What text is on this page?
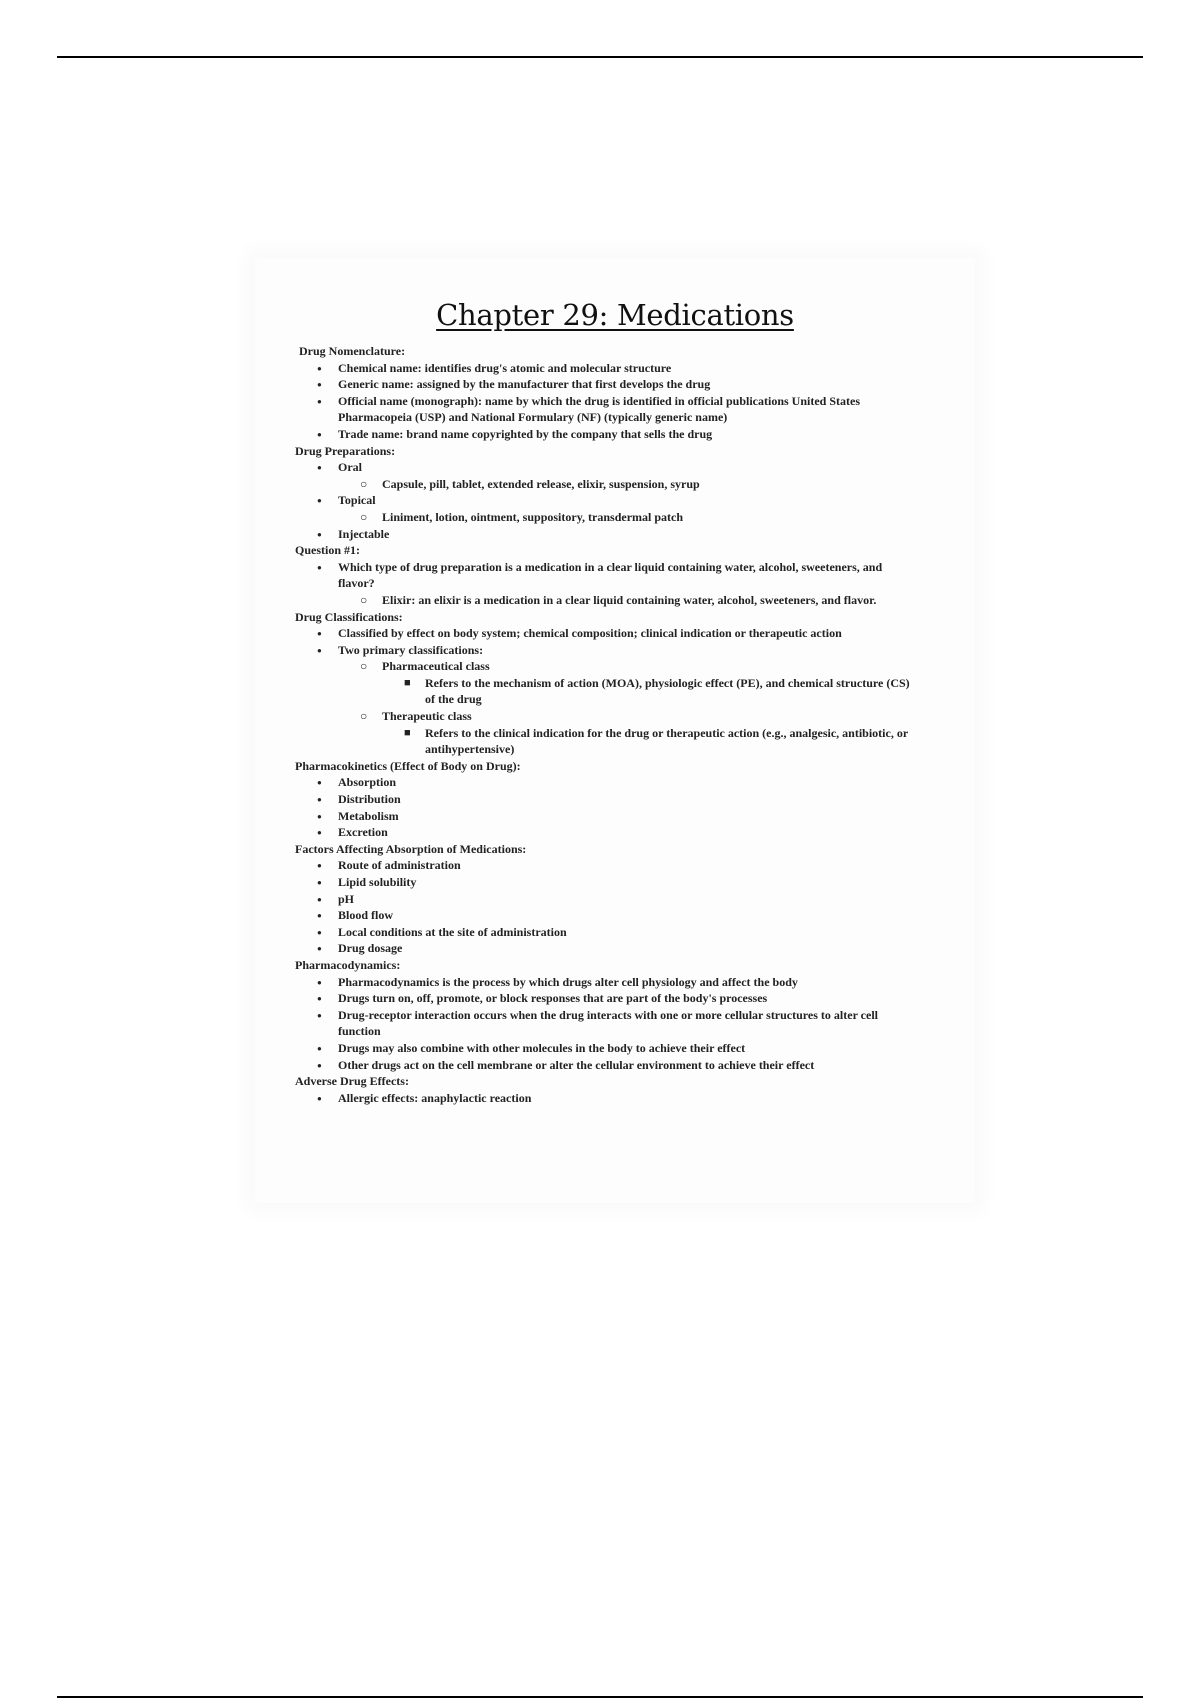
Chapter 29: Medications
Drug Nomenclature:
●
Chemical name: identifies drug's atomic and molecular structure
●
Generic name: assigned by the manufacturer that first develops the drug
●
Official name (monograph): name by which the drug is identified in official publications United States Pharmacopeia (USP) and National Formulary (NF) (typically generic name)
●
Trade name: brand name copyrighted by the company that sells the drug
Drug Preparations:
●
Oral
○
Capsule, pill, tablet, extended release, elixir, suspension, syrup
●
Topical
○
Liniment, lotion, ointment, suppository, transdermal patch
●
Injectable
Question #1:
●
Which type of drug preparation is a medication in a clear liquid containing water, alcohol, sweeteners, and flavor?
○
Elixir: an elixir is a medication in a clear liquid containing water, alcohol, sweeteners, and flavor.
Drug Classifications:
●
Classified by effect on body system; chemical composition; clinical indication or therapeutic action
●
Two primary classifications:
○
Pharmaceutical class
■
Refers to the mechanism of action (MOA), physiologic effect (PE), and chemical structure (CS) of the drug
○
Therapeutic class
■
Refers to the clinical indication for the drug or therapeutic action (e.g., analgesic, antibiotic, or antihypertensive)
Pharmacokinetics (Effect of Body on Drug):
●
Absorption
●
Distribution
●
Metabolism
●
Excretion
Factors Affecting Absorption of Medications:
●
Route of administration
●
Lipid solubility
●
pH
●
Blood flow
●
Local conditions at the site of administration
●
Drug dosage
Pharmacodynamics:
●
Pharmacodynamics is the process by which drugs alter cell physiology and affect the body
●
Drugs turn on, off, promote, or block responses that are part of the body's processes
●
Drug-receptor interaction occurs when the drug interacts with one or more cellular structures to alter cell function
●
Drugs may also combine with other molecules in the body to achieve their effect
●
Other drugs act on the cell membrane or alter the cellular environment to achieve their effect
Adverse Drug Effects:
●
Allergic effects: anaphylactic reaction
